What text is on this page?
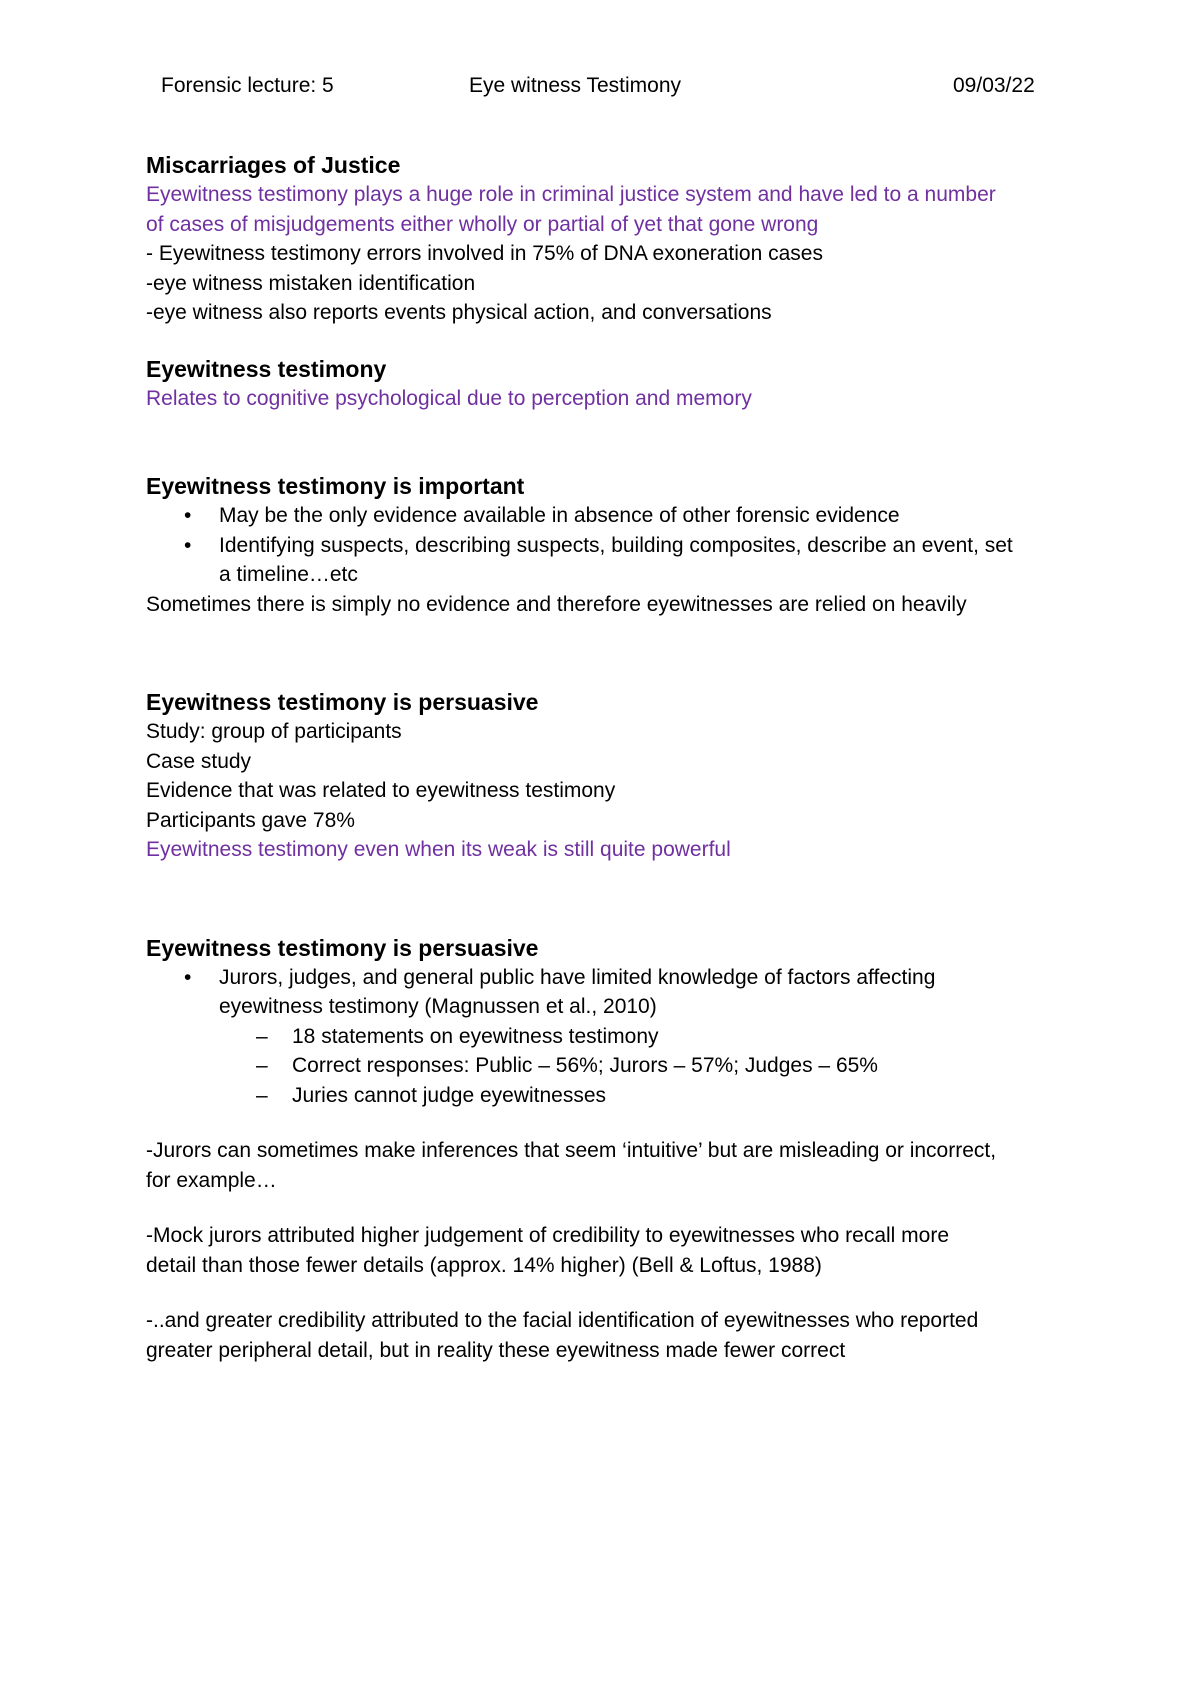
Forensic lecture: 5	Eye witness Testimony	09/03/22

Miscarriages of Justice

Eyewitness testimony plays a huge role in criminal justice system and have led to a number

of cases of misjudgements either wholly or partial of yet that gone wrong

- Eyewitness testimony errors involved in 75% of DNA exoneration cases

-eye witness mistaken identification

-eye witness also reports events physical action, and conversations

Eyewitness testimony

Relates to cognitive psychological due to perception and memory

Eyewitness testimony is important

• May be the only evidence available in absence of other forensic evidence

• Identifying suspects, describing suspects, building composites, describe an event, set

a timeline…etc

Sometimes there is simply no evidence and therefore eyewitnesses are relied on heavily

Eyewitness testimony is persuasive

Study: group of participants

Case study

Evidence that was related to eyewitness testimony

Participants gave 78%

Eyewitness testimony even when its weak is still quite powerful

Eyewitness testimony is persuasive

• Jurors, judges, and general public have limited knowledge of factors affecting

eyewitness testimony (Magnussen et al., 2010)

– 18 statements on eyewitness testimony

– Correct responses: Public – 56%; Jurors – 57%; Judges – 65%

– Juries cannot judge eyewitnesses

-Jurors can sometimes make inferences that seem ‘intuitive’ but are misleading or incorrect,

for example…

-Mock jurors attributed higher judgement of credibility to eyewitnesses who recall more

detail than those fewer details (approx. 14% higher) (Bell & Loftus, 1988)

-..and greater credibility attributed to the facial identification of eyewitnesses who reported

greater peripheral detail, but in reality these eyewitness made fewer correct
